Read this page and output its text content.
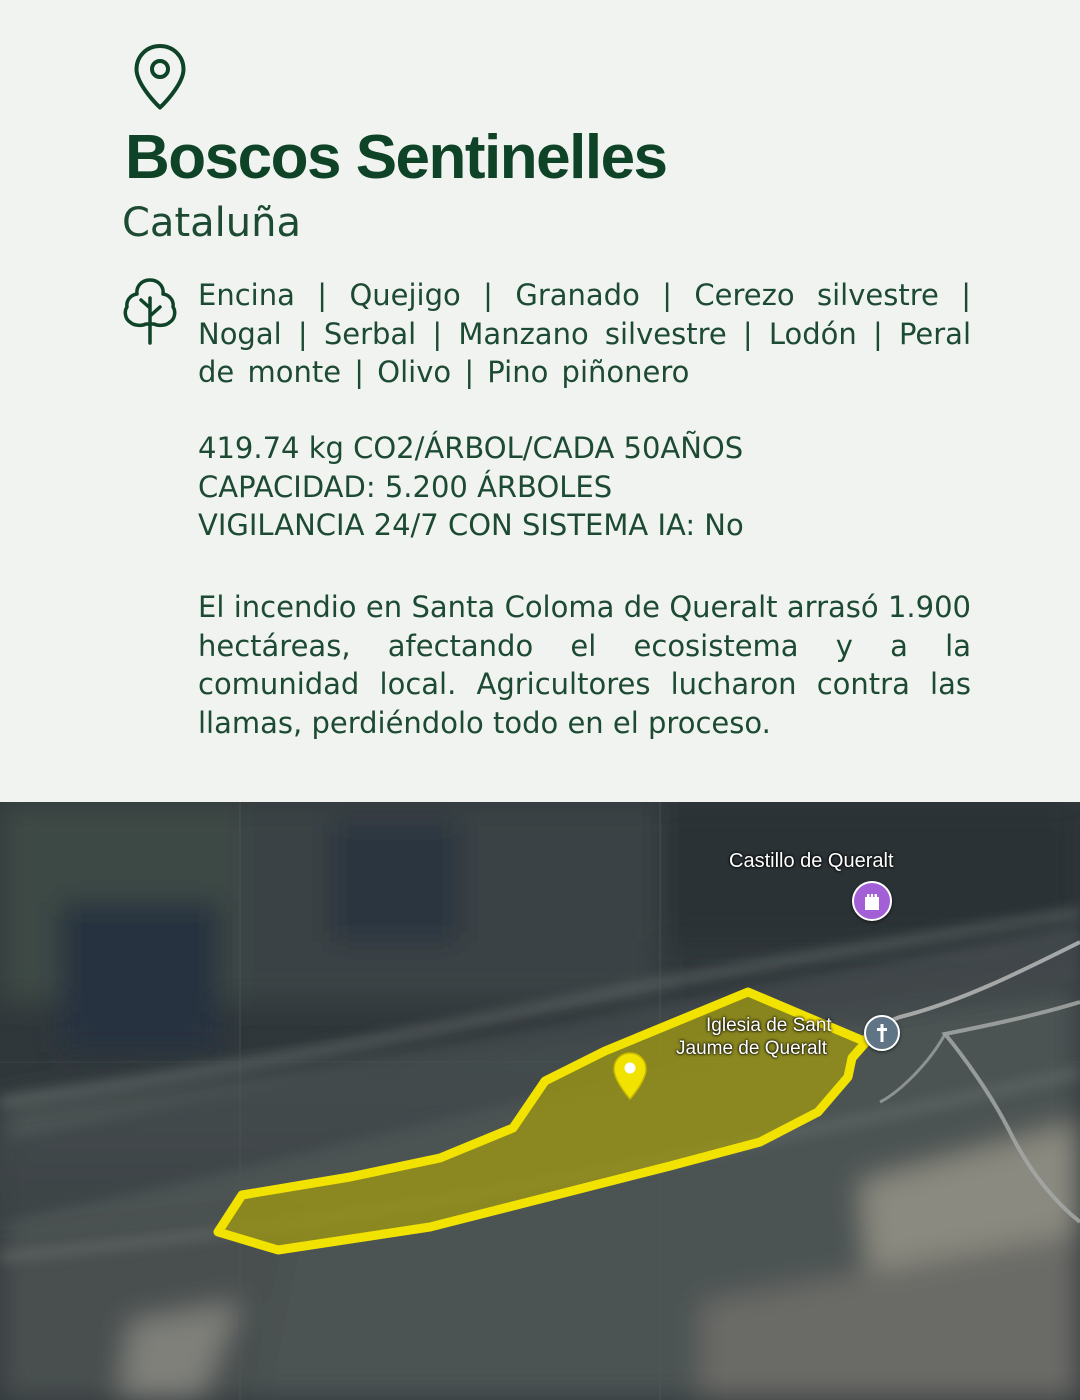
Boscos Sentinelles
Cataluña
Encina | Quejigo | Granado | Cerezo silvestre | Nogal | Serbal | Manzano silvestre | Lodón | Peral de monte | Olivo | Pino piñonero
419.74 kg CO2/ÁRBOL/CADA 50AÑOS
CAPACIDAD: 5.200 ÁRBOLES
VIGILANCIA 24/7 CON SISTEMA IA: No
El incendio en Santa Coloma de Queralt arrasó 1.900 hectáreas, afectando el ecosistema y a la comunidad local. Agricultores lucharon contra las llamas, perdiéndolo todo en el proceso.
Castillo de Queralt
Iglesia de Sant
Jaume de Queralt
